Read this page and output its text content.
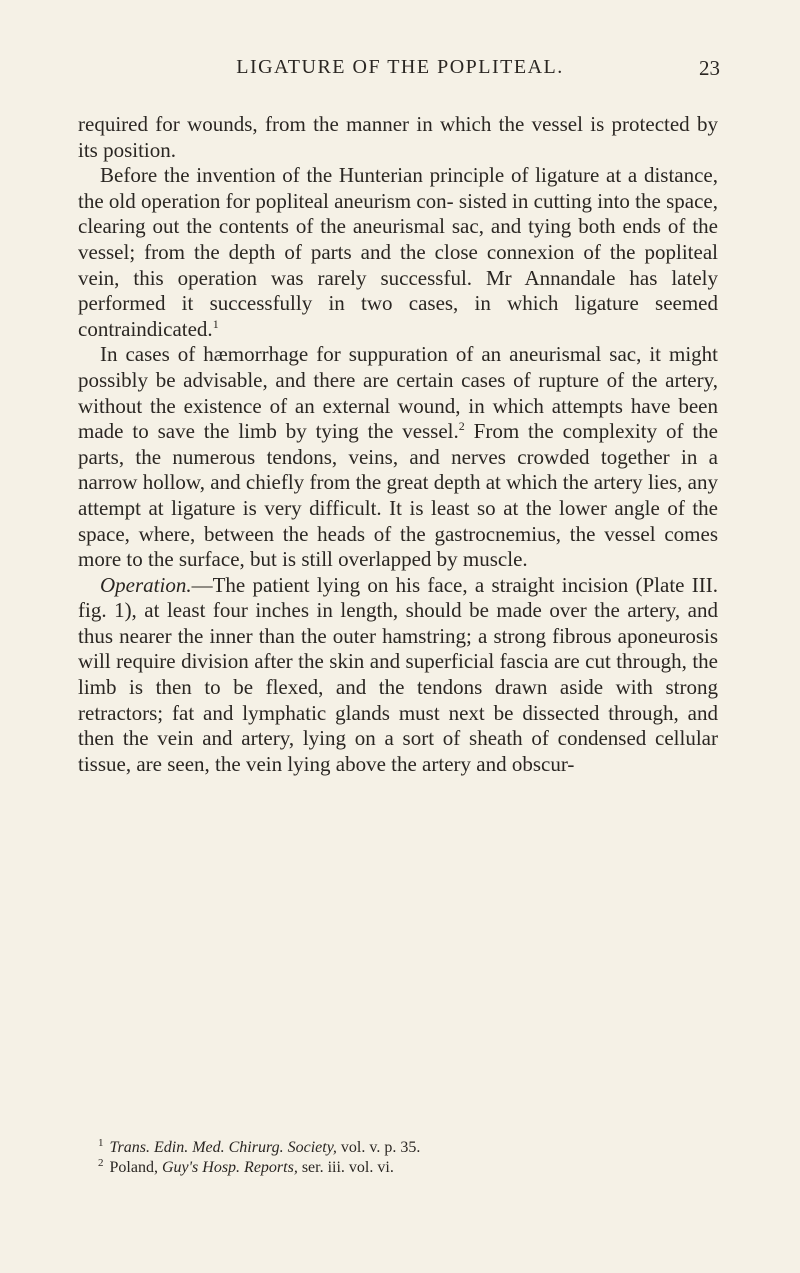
LIGATURE OF THE POPLITEAL.	23

required for wounds, from the manner in which the vessel is protected by its position.

Before the invention of the Hunterian principle of ligature at a distance, the old operation for popliteal aneurism con- sisted in cutting into the space, clearing out the contents of the aneurismal sac, and tying both ends of the vessel; from the depth of parts and the close connexion of the popliteal vein, this operation was rarely successful. Mr Annandale has lately performed it successfully in two cases, in which ligature seemed contraindicated.$^1$

In cases of hæmorrhage for suppuration of an aneurismal sac, it might possibly be advisable, and there are certain cases of rupture of the artery, without the existence of an external wound, in which attempts have been made to save the limb by tying the vessel.$^2$ From the complexity of the parts, the numerous tendons, veins, and nerves crowded together in a narrow hollow, and chiefly from the great depth at which the artery lies, any attempt at ligature is very difficult. It is least so at the lower angle of the space, where, between the heads of the gastrocnemius, the vessel comes more to the surface, but is still overlapped by muscle.

Operation.—The patient lying on his face, a straight incision (Plate III. fig. 1), at least four inches in length, should be made over the artery, and thus nearer the inner than the outer hamstring; a strong fibrous aponeurosis will require division after the skin and superficial fascia are cut through, the limb is then to be flexed, and the tendons drawn aside with strong retractors; fat and lymphatic glands must next be dissected through, and then the vein and artery, lying on a sort of sheath of condensed cellular tissue, are seen, the vein lying above the artery and obscur-

$^1$ Trans. Edin. Med. Chirurg. Society, vol. v. p. 35.

$^2$ Poland, Guy's Hosp. Reports, ser. iii. vol. vi.
